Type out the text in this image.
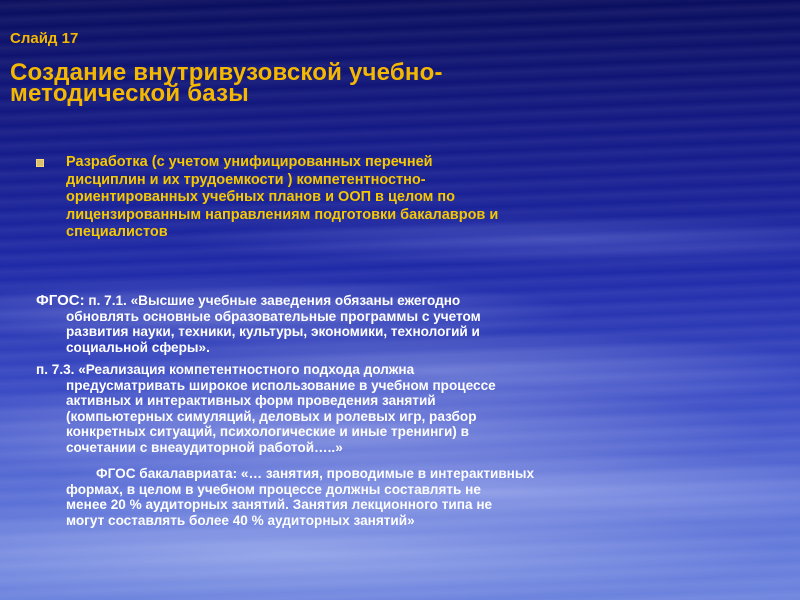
Слайд 17
Создание внутривузовской учебно-
методической базы
Разработка (с учетом унифицированных перечней
дисциплин и их трудоемкости ) компетентностно-
ориентированных учебных планов и ООП в целом по
лицензированным направлениям подготовки бакалавров и
специалистов
ФГОС: п. 7.1. «Высшие учебные заведения обязаны ежегодно
обновлять основные образовательные программы с учетом
развития науки, техники, культуры, экономики, технологий и
социальной сферы».
п. 7.3. «Реализация компетентностного подхода должна
предусматривать широкое использование в учебном процессе
активных и интерактивных форм проведения занятий
(компьютерных симуляций, деловых и ролевых игр, разбор
конкретных ситуаций, психологические и иные тренинги) в
сочетании с внеаудиторной работой…..»
ФГОС бакалавриата: «… занятия, проводимые в интерактивных
формах, в целом в учебном процессе должны составлять не
менее 20 % аудиторных занятий. Занятия лекционного типа не
могут составлять более 40 % аудиторных занятий»
